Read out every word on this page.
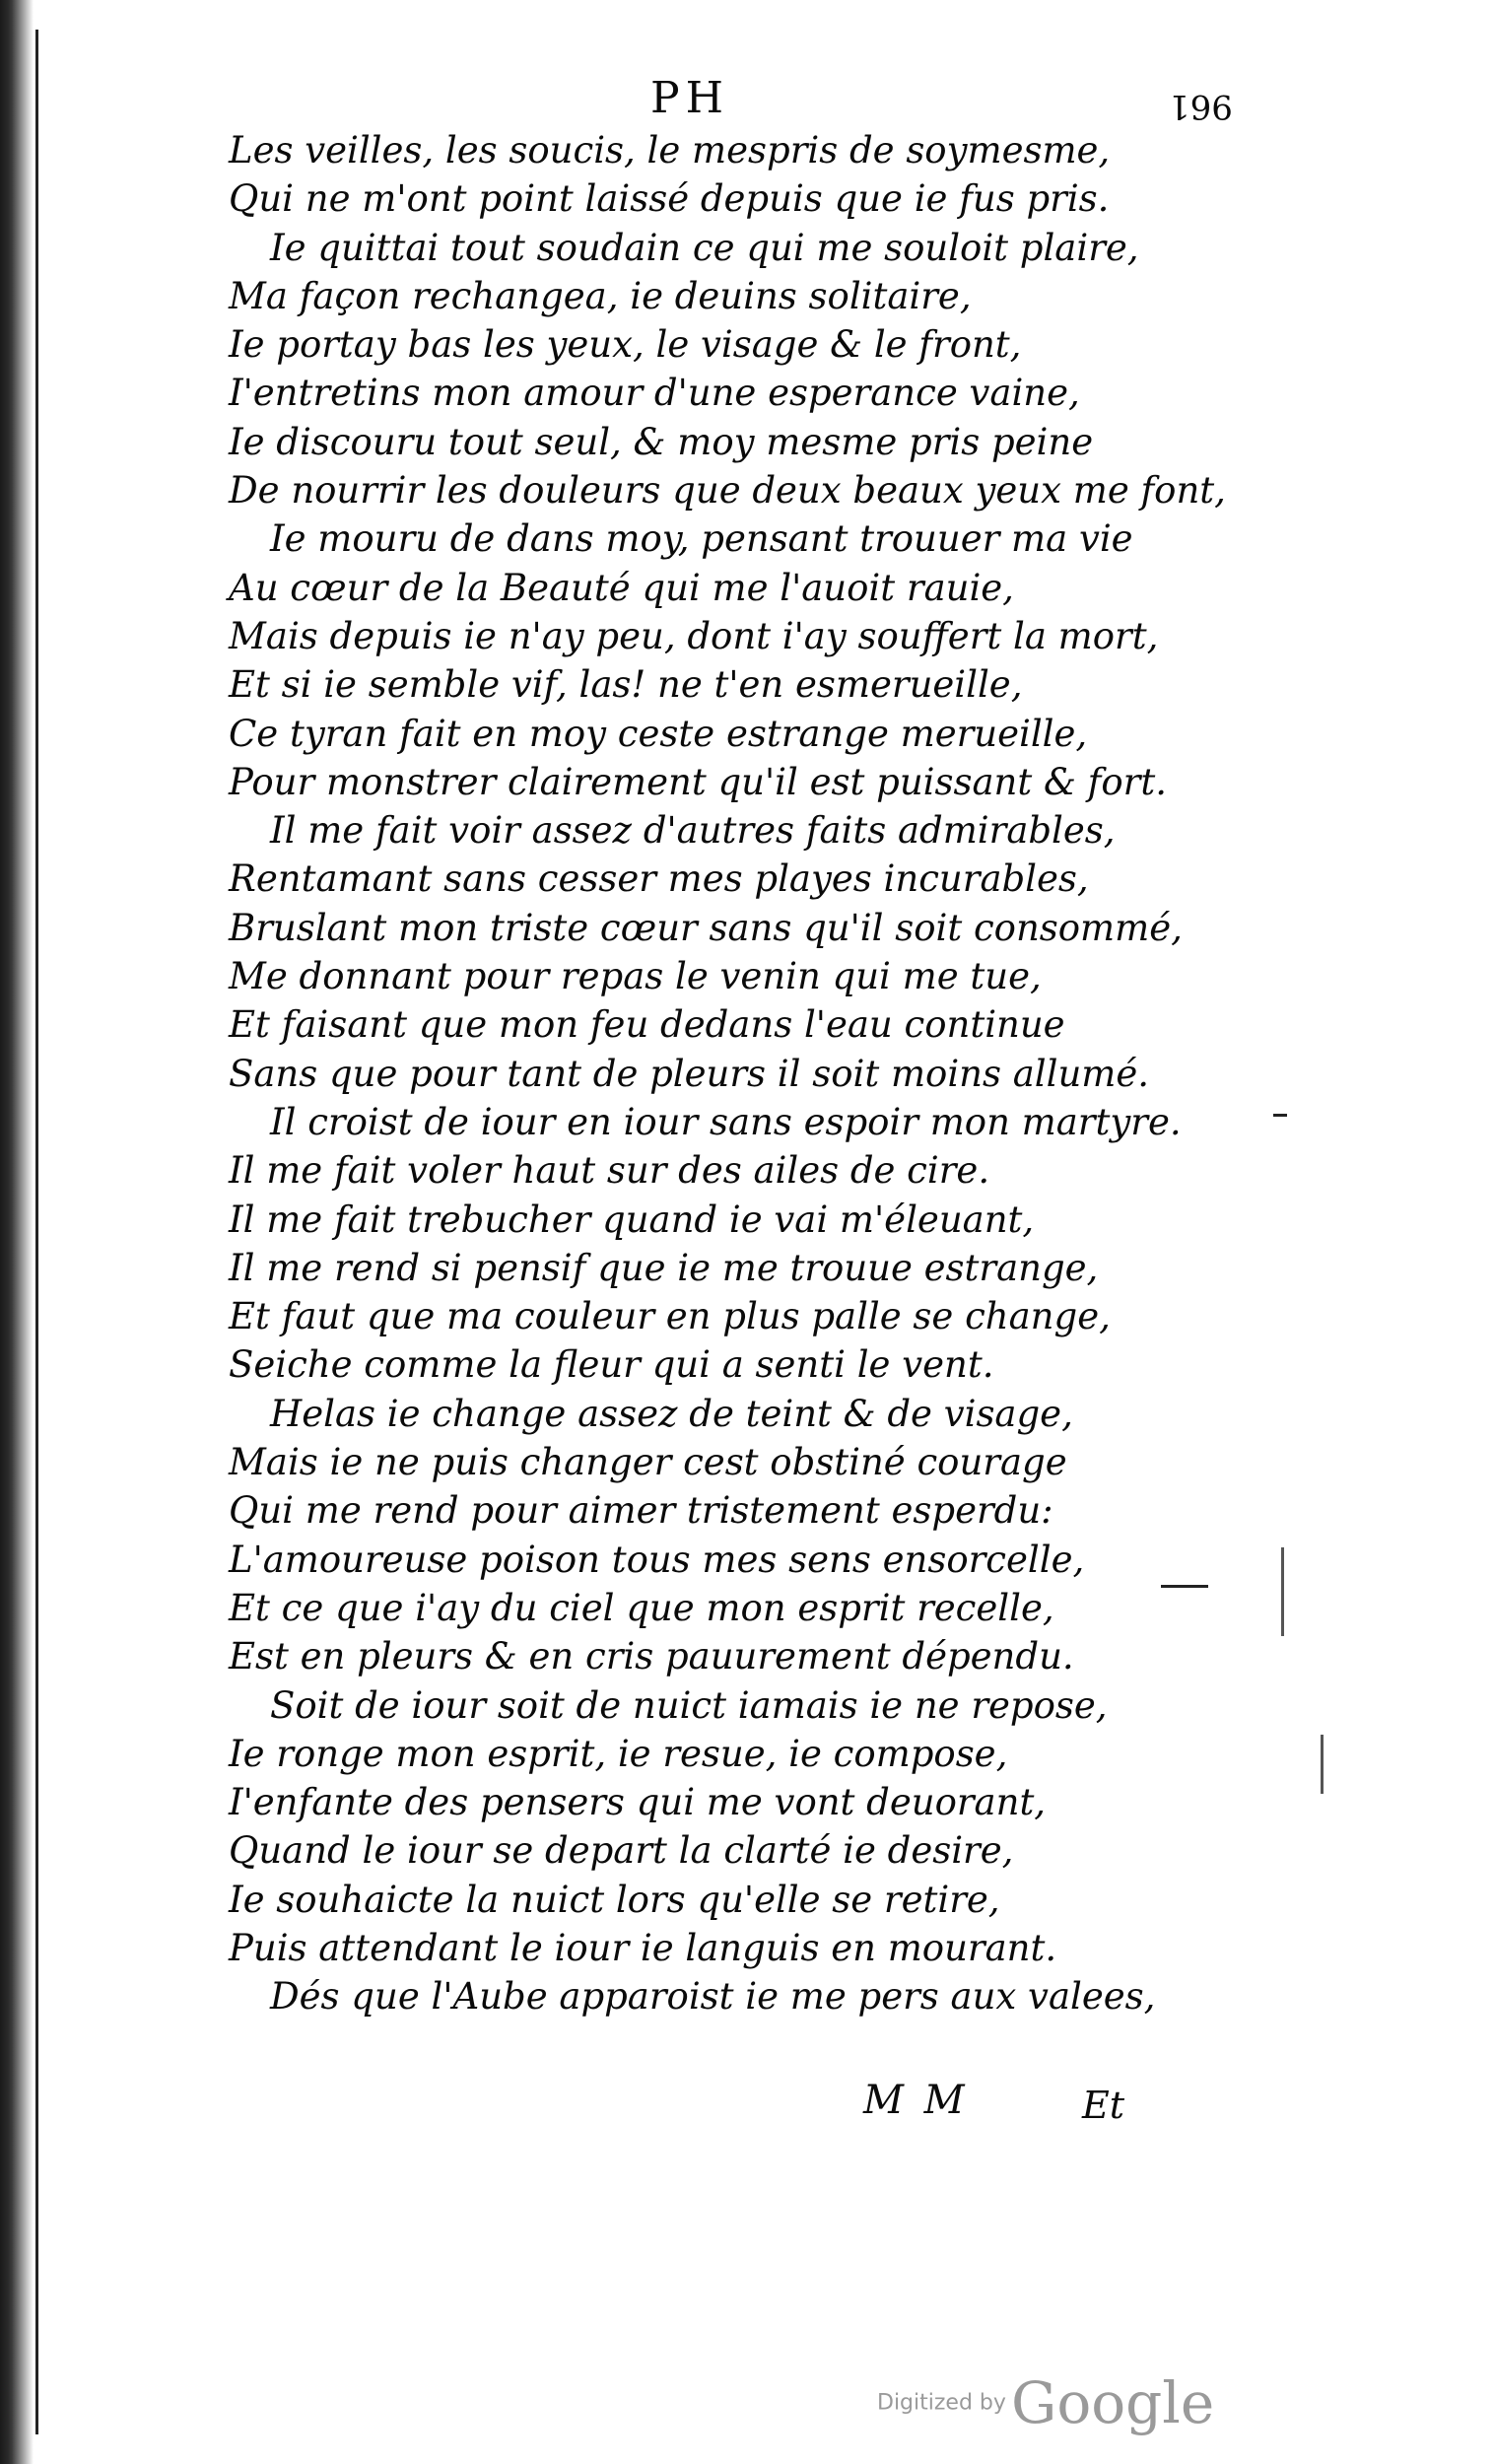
PH	961
Les veilles, les soucis, le mespris de soymesme,
Qui ne m'ont point laissé depuis que ie fus pris.
Ie quittai tout soudain ce qui me souloit plaire,
Ma façon rechangea, ie deuins solitaire,
Ie portay bas les yeux, le visage & le front,
I'entretins mon amour d'une esperance vaine,
Ie discouru tout seul, & moy mesme pris peine
De nourrir les douleurs que deux beaux yeux me font,
Ie mouru de dans moy, pensant trouuer ma vie
Au cœur de la Beauté qui me l'auoit rauie,
Mais depuis ie n'ay peu, dont i'ay souffert la mort,
Et si ie semble vif, las! ne t'en esmerueille,
Ce tyran fait en moy ceste estrange merueille,
Pour monstrer clairement qu'il est puissant & fort.
Il me fait voir assez d'autres faits admirables,
Rentamant sans cesser mes playes incurables,
Bruslant mon triste cœur sans qu'il soit consommé,
Me donnant pour repas le venin qui me tue,
Et faisant que mon feu dedans l'eau continue
Sans que pour tant de pleurs il soit moins allumé.
Il croist de iour en iour sans espoir mon martyre.
Il me fait voler haut sur des ailes de cire.
Il me fait trebucher quand ie vai m'éleuant,
Il me rend si pensif que ie me trouue estrange,
Et faut que ma couleur en plus palle se change,
Seiche comme la fleur qui a senti le vent.
Helas ie change assez de teint & de visage,
Mais ie ne puis changer cest obstiné courage
Qui me rend pour aimer tristement esperdu:
L'amoureuse poison tous mes sens ensorcelle,
Et ce que i'ay du ciel que mon esprit recelle,
Est en pleurs & en cris pauurement dépendu.
Soit de iour soit de nuict iamais ie ne repose,
Ie ronge mon esprit, ie resue, ie compose,
I'enfante des pensers qui me vont deuorant,
Quand le iour se depart la clarté ie desire,
Ie souhaicte la nuict lors qu'elle se retire,
Puis attendant le iour ie languis en mourant.
Dés que l'Aube apparoist ie me pers aux valees,
M M	Et
Digitized by Google
